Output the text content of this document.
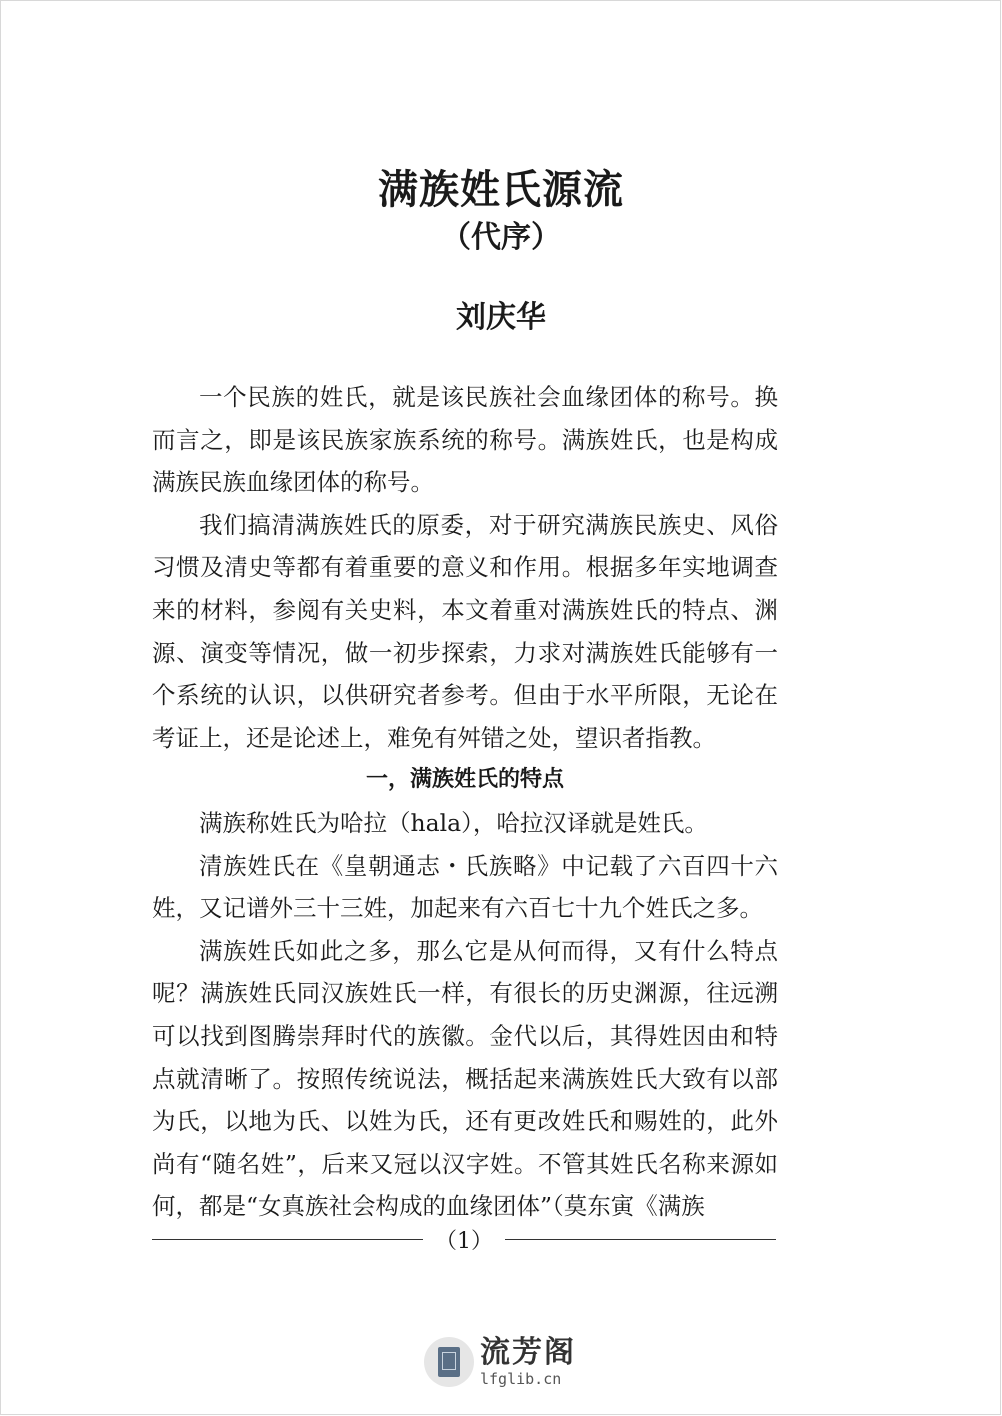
满族姓氏源流
（代序）
刘庆华

一个民族的姓氏，就是该民族社会血缘团体的称号。换而言之，即是该民族家族系统的称号。满族姓氏，也是构成满族民族血缘团体的称号。

我们搞清满族姓氏的原委，对于研究满族民族史、风俗习惯及清史等都有着重要的意义和作用。根据多年实地调查来的材料，参阅有关史料，本文着重对满族姓氏的特点、渊源、演变等情况，做一初步探索，力求对满族姓氏能够有一个系统的认识，以供研究者参考。但由于水平所限，无论在考证上，还是论述上，难免有舛错之处，望识者指教。

一，满族姓氏的特点

满族称姓氏为哈拉（hala），哈拉汉译就是姓氏。

清族姓氏在《皇朝通志・氏族略》中记载了六百四十六姓，又记谱外三十三姓，加起来有六百七十九个姓氏之多。

满族姓氏如此之多，那么它是从何而得，又有什么特点呢？满族姓氏同汉族姓氏一样，有很长的历史渊源，往远溯可以找到图腾崇拜时代的族徽。金代以后，其得姓因由和特点就清晰了。按照传统说法，概括起来满族姓氏大致有以部为氏，以地为氏、以姓为氏，还有更改姓氏和赐姓的，此外尚有“随名姓”，后来又冠以汉字姓。不管其姓氏名称来源如何，都是“女真族社会构成的血缘团体”（莫东寅《满族

（1）
流芳阁
lfglib.cn
